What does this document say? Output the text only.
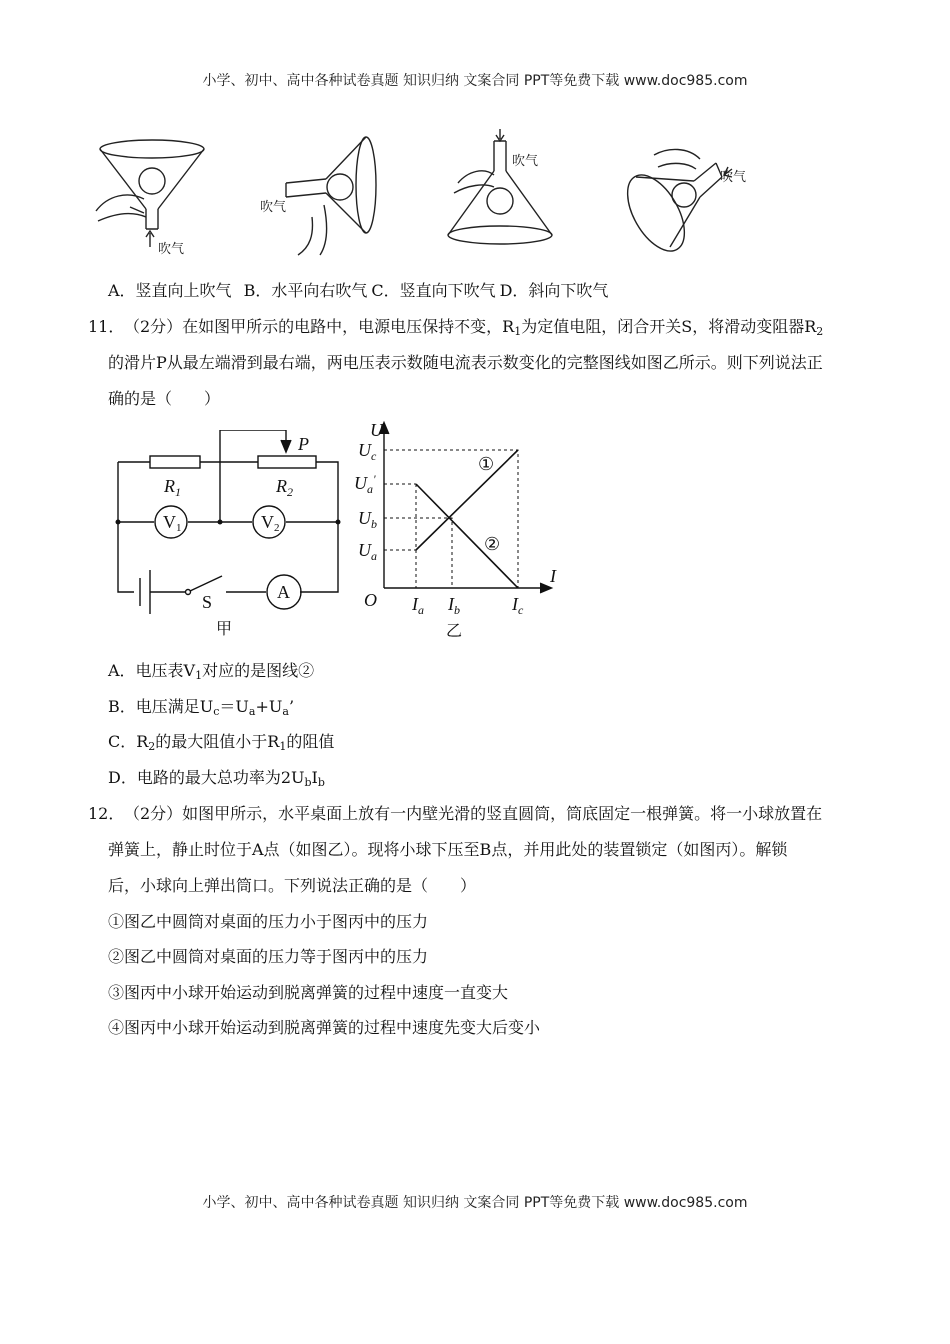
小学、初中、高中各种试卷真题 知识归纳 文案合同 PPT等免费下载 www.doc985.com
吹气
吹气
吹气
吹气
A．竖直向上吹气 B．水平向右吹气 C．竖直向下吹气 D．斜向下吹气
11． （2分）在如图甲所示的电路中，电源电压保持不变，$R_1$为定值电阻，闭合开关S，将滑动变阻器$R_2$
的滑片P从最左端滑到最右端，两电压表示数随电流表示数变化的完整图线如图乙所示。则下列说法正
确的是（　　）
$R_1$	$R_2$
P
V1	V2
A
S
甲
U
I
O
$U_c$
$U_a'$
$U_b$
$U_a$
$I_a$ $I_b$	$I_c$
①
②
乙
A．电压表$V_1$对应的是图线②
B．电压满足$U_c=U_a+U_a$’
C．$R_2$的最大阻值小于$R_1$的阻值
D．电路的最大总功率为$2U_bI_b$
12． （2分）如图甲所示，水平桌面上放有一内壁光滑的竖直圆筒，筒底固定一根弹簧。将一小球放置在
弹簧上，静止时位于A点（如图乙）。现将小球下压至B点，并用此处的装置锁定（如图丙）。解锁
后，小球向上弹出筒口。下列说法正确的是（　　）
①图乙中圆筒对桌面的压力小于图丙中的压力
②图乙中圆筒对桌面的压力等于图丙中的压力
③图丙中小球开始运动到脱离弹簧的过程中速度一直变大
④图丙中小球开始运动到脱离弹簧的过程中速度先变大后变小
小学、初中、高中各种试卷真题 知识归纳 文案合同 PPT等免费下载 www.doc985.com
